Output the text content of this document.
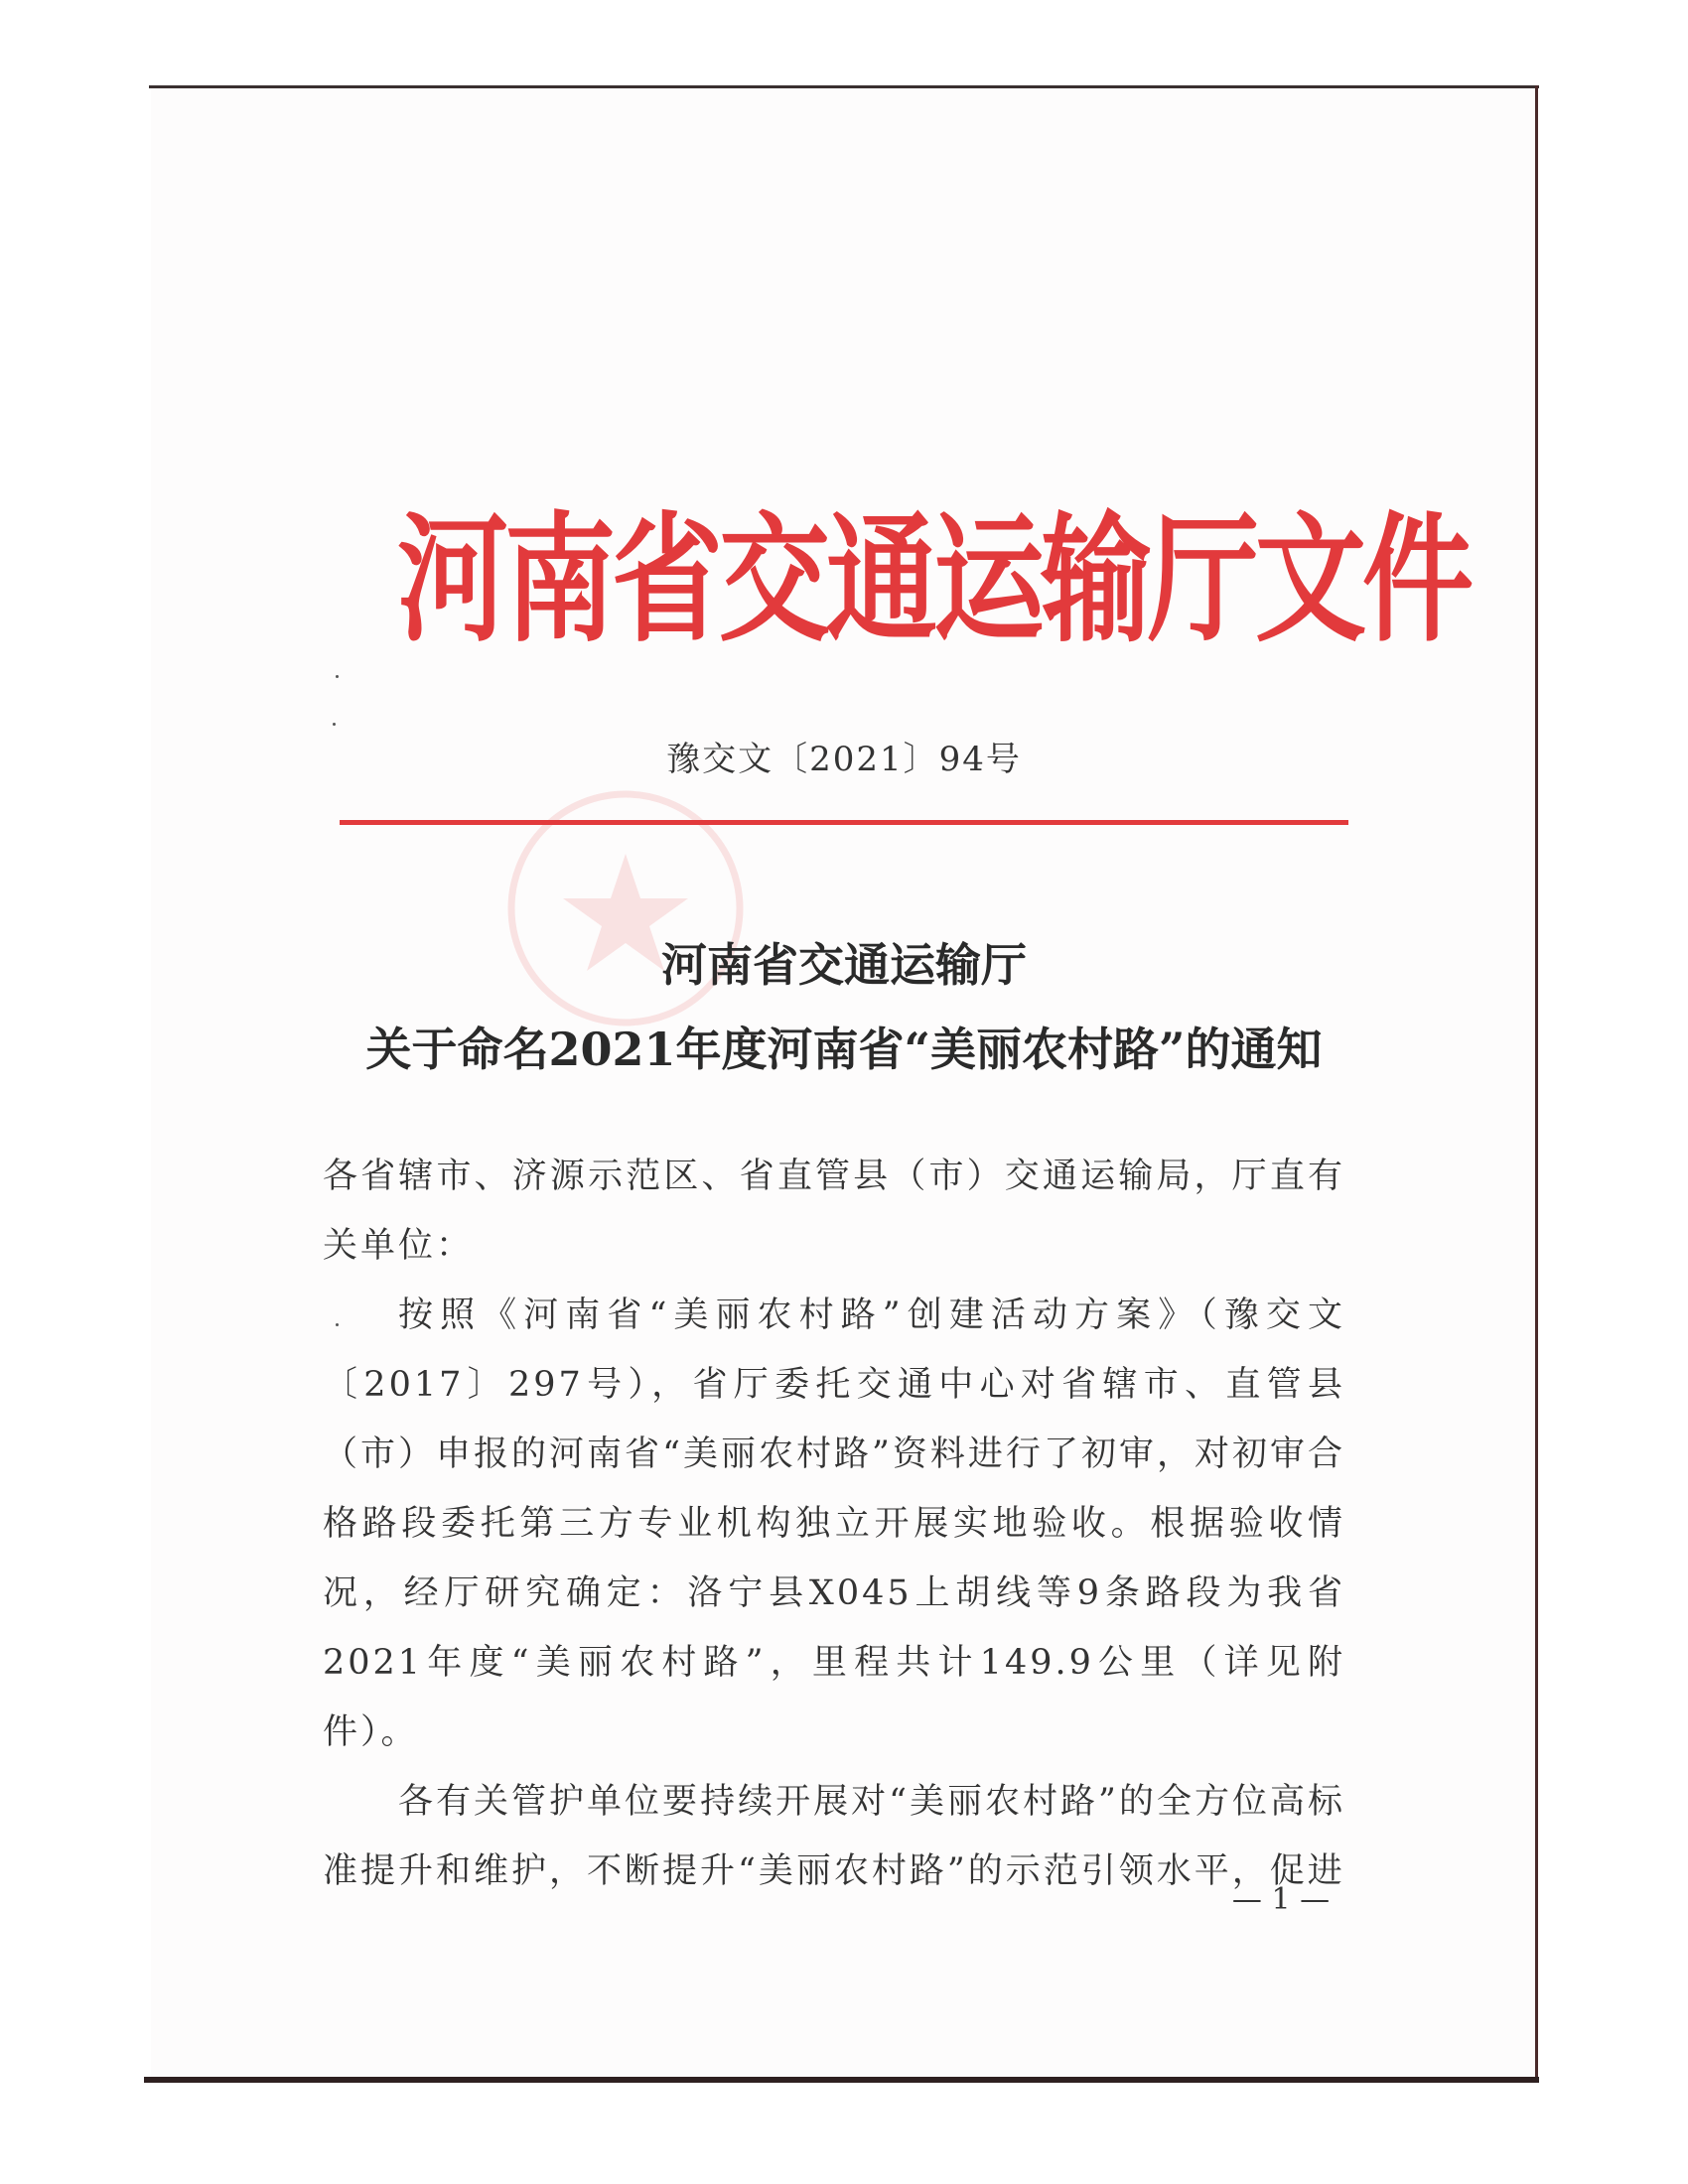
河南省交通运输厅文件
豫交文〔2021〕94号
河南省交通运输厅
关于命名2021年度河南省“美丽农村路”的通知

各省辖市、济源示范区、省直管县（市）交通运输局，厅直有关单位：

按照《河南省“美丽农村路”创建活动方案》（豫交文〔2017〕297号），省厅委托交通中心对省辖市、直管县（市）申报的河南省“美丽农村路”资料进行了初审，对初审合格路段委托第三方专业机构独立开展实地验收。根据验收情况，经厅研究确定：洛宁县X045上胡线等9条路段为我省2021年度“美丽农村路”，里程共计149.9公里（详见附件）。

各有关管护单位要持续开展对“美丽农村路”的全方位高标准提升和维护，不断提升“美丽农村路”的示范引领水平，促进

— 1 —
